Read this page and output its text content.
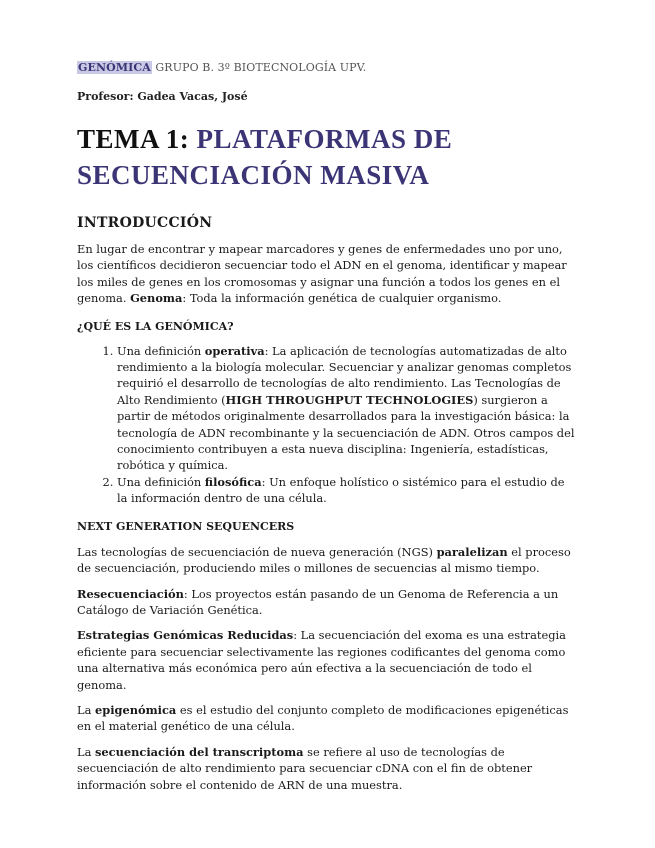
GENÓMICA GRUPO B. 3º BIOTECNOLOGÍA UPV.

Profesor: Gadea Vacas, José

TEMA 1: PLATAFORMAS DE
SECUENCIACIÓN MASIVA
INTRODUCCIÓN

En lugar de encontrar y mapear marcadores y genes de enfermedades uno por uno, los científicos decidieron secuenciar todo el ADN en el genoma, identificar y mapear los miles de genes en los cromosomas y asignar una función a todos los genes en el genoma. Genoma: Toda la información genética de cualquier organismo.

¿QUÉ ES LA GENÓMICA?
1. Una definición operativa: La aplicación de tecnologías automatizadas de alto rendimiento a la biología molecular. Secuenciar y analizar genomas completos requirió el desarrollo de tecnologías de alto rendimiento. Las Tecnologías de Alto Rendimiento (HIGH THROUGHPUT TECHNOLOGIES) surgieron a partir de métodos originalmente desarrollados para la investigación básica: la tecnología de ADN recombinante y la secuenciación de ADN. Otros campos del conocimiento contribuyen a esta nueva disciplina: Ingeniería, estadísticas, robótica y química.
2. Una definición filosófica: Un enfoque holístico o sistémico para el estudio de la información dentro de una célula.
NEXT GENERATION SEQUENCERS

Las tecnologías de secuenciación de nueva generación (NGS) paralelizan el proceso de secuenciación, produciendo miles o millones de secuencias al mismo tiempo.

Resecuenciación: Los proyectos están pasando de un Genoma de Referencia a un Catálogo de Variación Genética.

Estrategias Genómicas Reducidas: La secuenciación del exoma es una estrategia eficiente para secuenciar selectivamente las regiones codificantes del genoma como una alternativa más económica pero aún efectiva a la secuenciación de todo el genoma.

La epigenómica es el estudio del conjunto completo de modificaciones epigenéticas en el material genético de una célula.

La secuenciación del transcriptoma se refiere al uso de tecnologías de secuenciación de alto rendimiento para secuenciar cDNA con el fin de obtener información sobre el contenido de ARN de una muestra.
